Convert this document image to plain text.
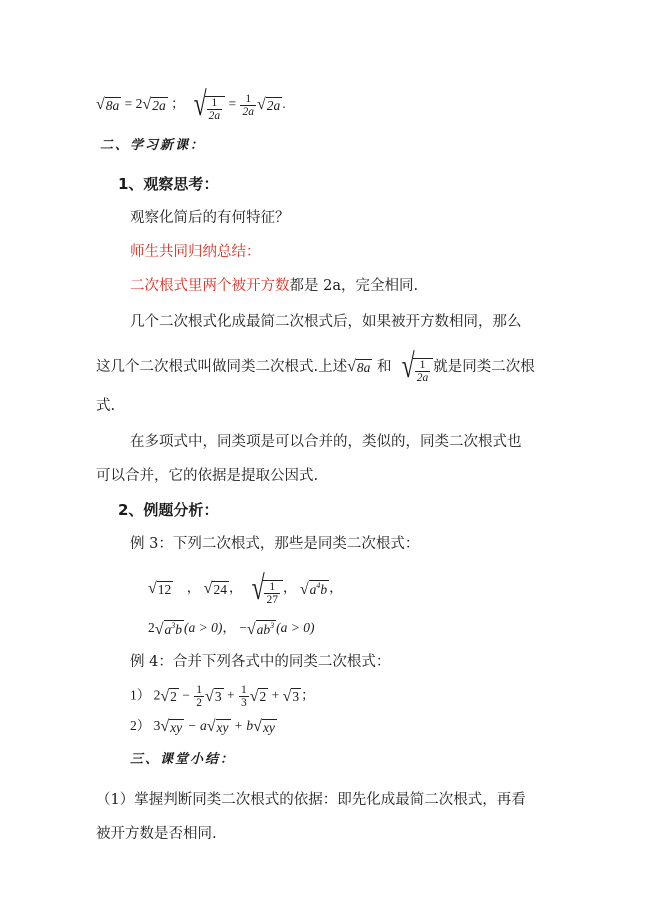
√ 8a = 2 √ 2a ； √ $\frac{1}{2a} = \frac{1}{2a}$ √ 2a .
二、学习新课：
1、观察思考：
观察化简后的有何特征？
师生共同归纳总结：
二次根式里两个被开方数都是 2a，完全相同.
几个二次根式化成最简二次根式后，如果被开方数相同，那么
这几个二次根式叫做同类二次根式.上述 √ 8a 和 √ $\frac{1}{2a}$ 就是同类二次根
式.
在多项式中，同类项是可以合并的，类似的，同类二次根式也
可以合并，它的依据是提取公因式.
2、例题分析：
例 3：下列二次根式，那些是同类二次根式：
√ 12 ， √ 24 ， √ $\frac{1}{27}$ ， √ $a^4b$ ，
2 √ $a^3b$ (a > 0)， − √ $ab^3$ (a > 0)
例 4：合并下列各式中的同类二次根式：
1） 2 √ $2 - \frac{1}{2}$ √ $3 + \frac{1}{3}$ √ 2 + √ 3 ；
2） 3 √ xy − a √ xy + b √ xy
三、课堂小结：
（1）掌握判断同类二次根式的依据：即先化成最简二次根式，再看
被开方数是否相同.
